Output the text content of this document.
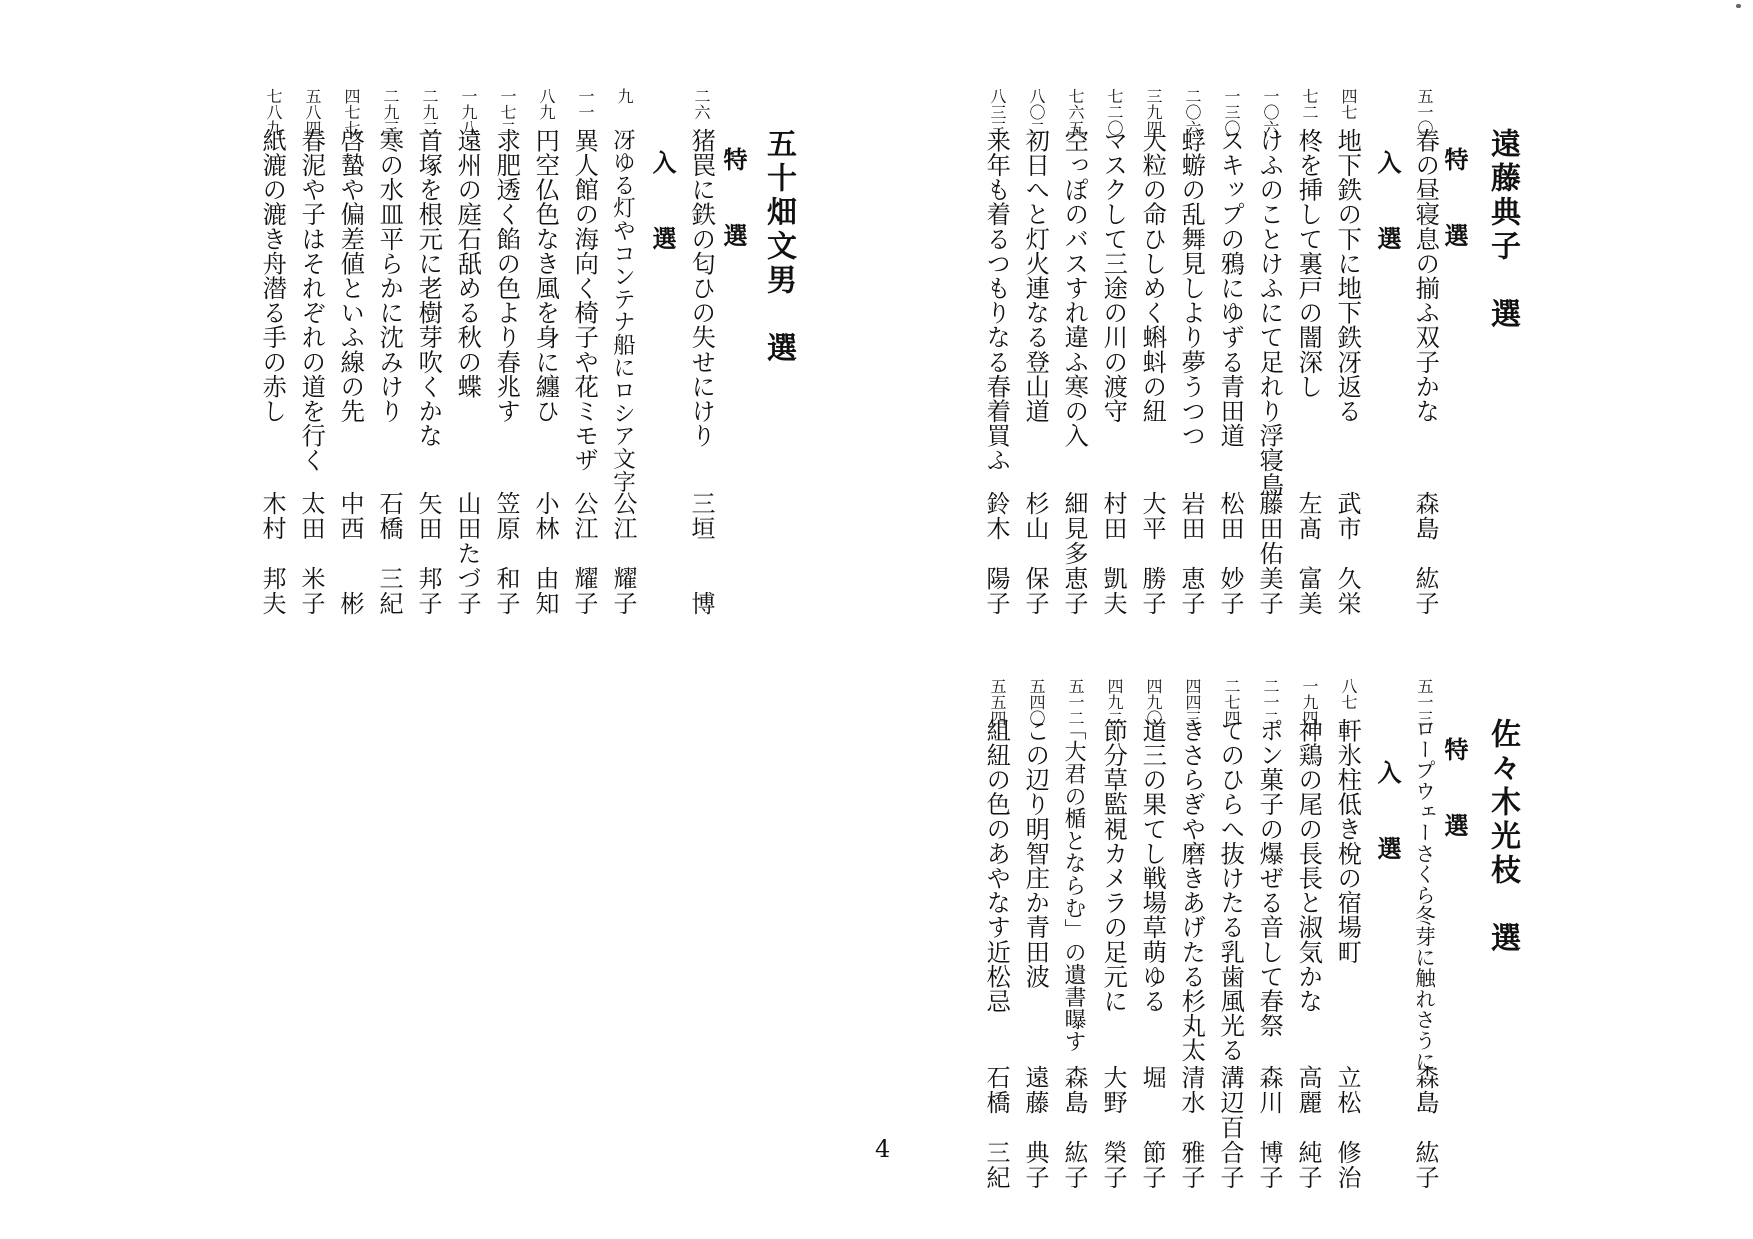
遠藤典子　選
特　選
五一〇
春の昼寝息の揃ふ双子かな
森島　紘子
入　選
四七
地下鉄の下に地下鉄冴返る
武市　久栄
七二
柊を挿して裏戸の闇深し
左髙　富美
一〇六
けふのことけふにて足れり浮寝鳥
藤田佑美子
一三〇
スキップの鴉にゆずる青田道
松田　妙子
二〇六
蜉蝣の乱舞見しより夢うつつ
岩田　恵子
三九四
大粒の命ひしめく蝌蚪の紐
大平　勝子
七二〇
マスクして三途の川の渡守
村田　凱夫
七六五
空っぽのバスすれ違ふ寒の入
細見多恵子
八〇二
初日へと灯火連なる登山道
杉山　保子
八三三
来年も着るつもりなる春着買ふ
鈴木　陽子
佐々木光枝　選
特　選
五一三
ロープウェーさくら冬芽に触れさうに
森島　紘子
入　選
八七
軒氷柱低き梲の宿場町
立松　修治
一九四
神鶏の尾の長長と淑気かな
高麗　純子
二一二
ポン菓子の爆ぜる音して春祭
森川　博子
二七四
てのひらへ抜けたる乳歯風光る
溝辺百合子
四四三
きさらぎや磨きあげたる杉丸太
清水　雅子
四九〇
道三の果てし戦場草萌ゆる
堀　　節子
四九二
節分草監視カメラの足元に
大野　榮子
五一二
「大君の楯とならむ」の遺書曝す
森島　紘子
五四〇
この辺り明智庄か青田波
遠藤　典子
五五四
組紐の色のあやなす近松忌
石橋　三紀
五十畑文男　選
特　選
二六
猪罠に鉄の匂ひの失せにけり
三垣　　博
入　選
九
冴ゆる灯やコンテナ船にロシア文字
公江　耀子
一一
異人館の海向く椅子や花ミモザ
公江　耀子
八九
円空仏色なき風を身に纏ひ
小林　由知
一七二
求肥透く餡の色より春兆す
笠原　和子
一九八
遠州の庭石舐める秋の蝶
山田たづ子
二九二
首塚を根元に老樹芽吹くかな
矢田　邦子
二九三
寒の水皿平らかに沈みけり
石橋　三紀
四七七
啓蟄や偏差値といふ線の先
中西　　彬
五八四
春泥や子はそれぞれの道を行く
太田　米子
七八九
紙漉の漉き舟潜る手の赤し
木村　邦夫
4
